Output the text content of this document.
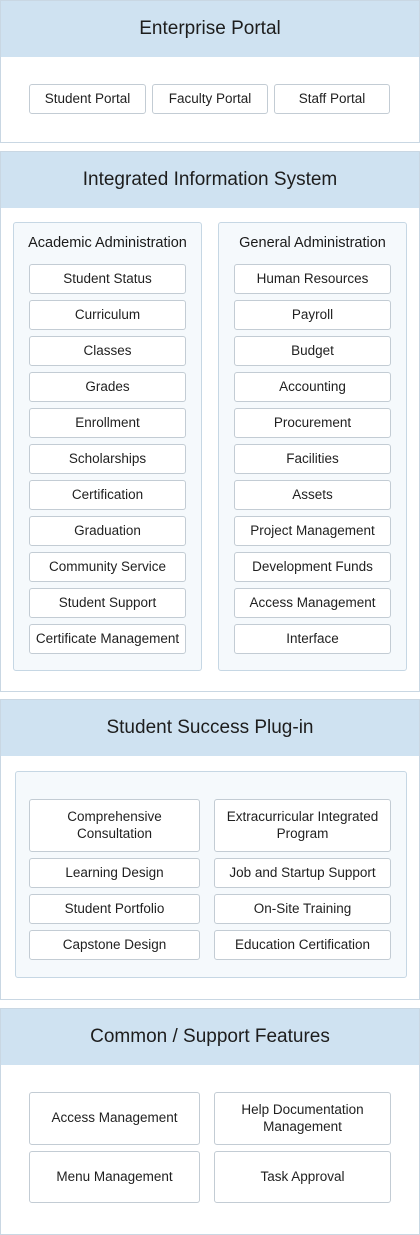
Enterprise Portal
Student Portal	Faculty Portal	Staff Portal
Integrated Information System
Academic Administration
Student Status
Curriculum
Classes
Grades
Enrollment
Scholarships
Certification
Graduation
Community Service
Student Support
Certificate Management
General Administration
Human Resources
Payroll
Budget
Accounting
Procurement
Facilities
Assets
Project Management
Development Funds
Access Management
Interface
Student Success Plug-in
Comprehensive Consultation
Extracurricular Integrated Program
Learning Design	Job and Startup Support
Student Portfolio	On-Site Training
Capstone Design	Education Certification
Common / Support Features
Access Management
Help Documentation Management
Menu Management	Task Approval
